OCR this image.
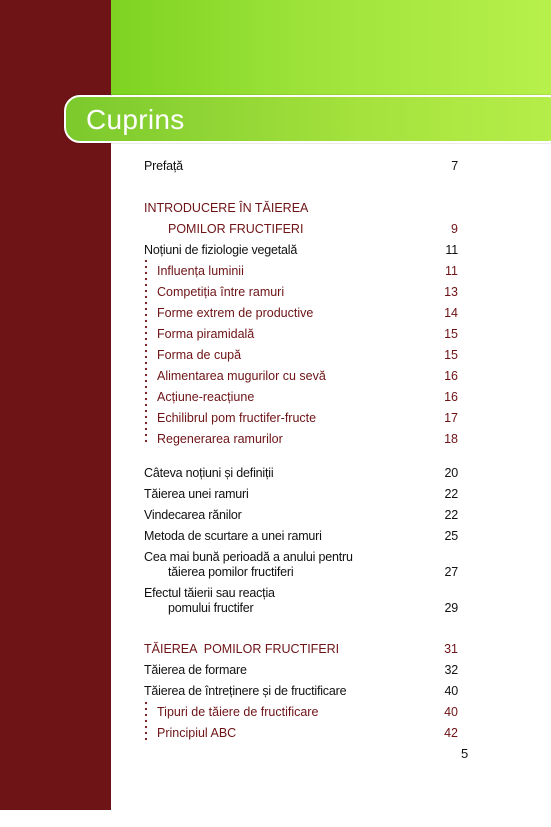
Cuprins
Prefață	7
INTRODUCERE ÎN TĂIEREA
POMILOR FRUCTIFERI	9
Noțiuni de fiziologie vegetală	11
Influența luminii	11
Competiția între ramuri	13
Forme extrem de productive	14
Forma piramidală	15
Forma de cupă	15
Alimentarea mugurilor cu sevă	16
Acțiune-reacțiune	16
Echilibrul pom fructifer-fructe	17
Regenerarea ramurilor	18
Câteva noțiuni și definiții	20
Tăierea unei ramuri	22
Vindecarea rănilor	22
Metoda de scurtare a unei ramuri	25
Cea mai bună perioadă a anului pentru
tăierea pomilor fructiferi	27
Efectul tăierii sau reacția
pomului fructifer	29
TĂIEREA  POMILOR FRUCTIFERI	31
Tăierea de formare	32
Tăierea de întreținere și de fructificare	40
Tipuri de tăiere de fructificare	40
Principiul ABC	42
5
